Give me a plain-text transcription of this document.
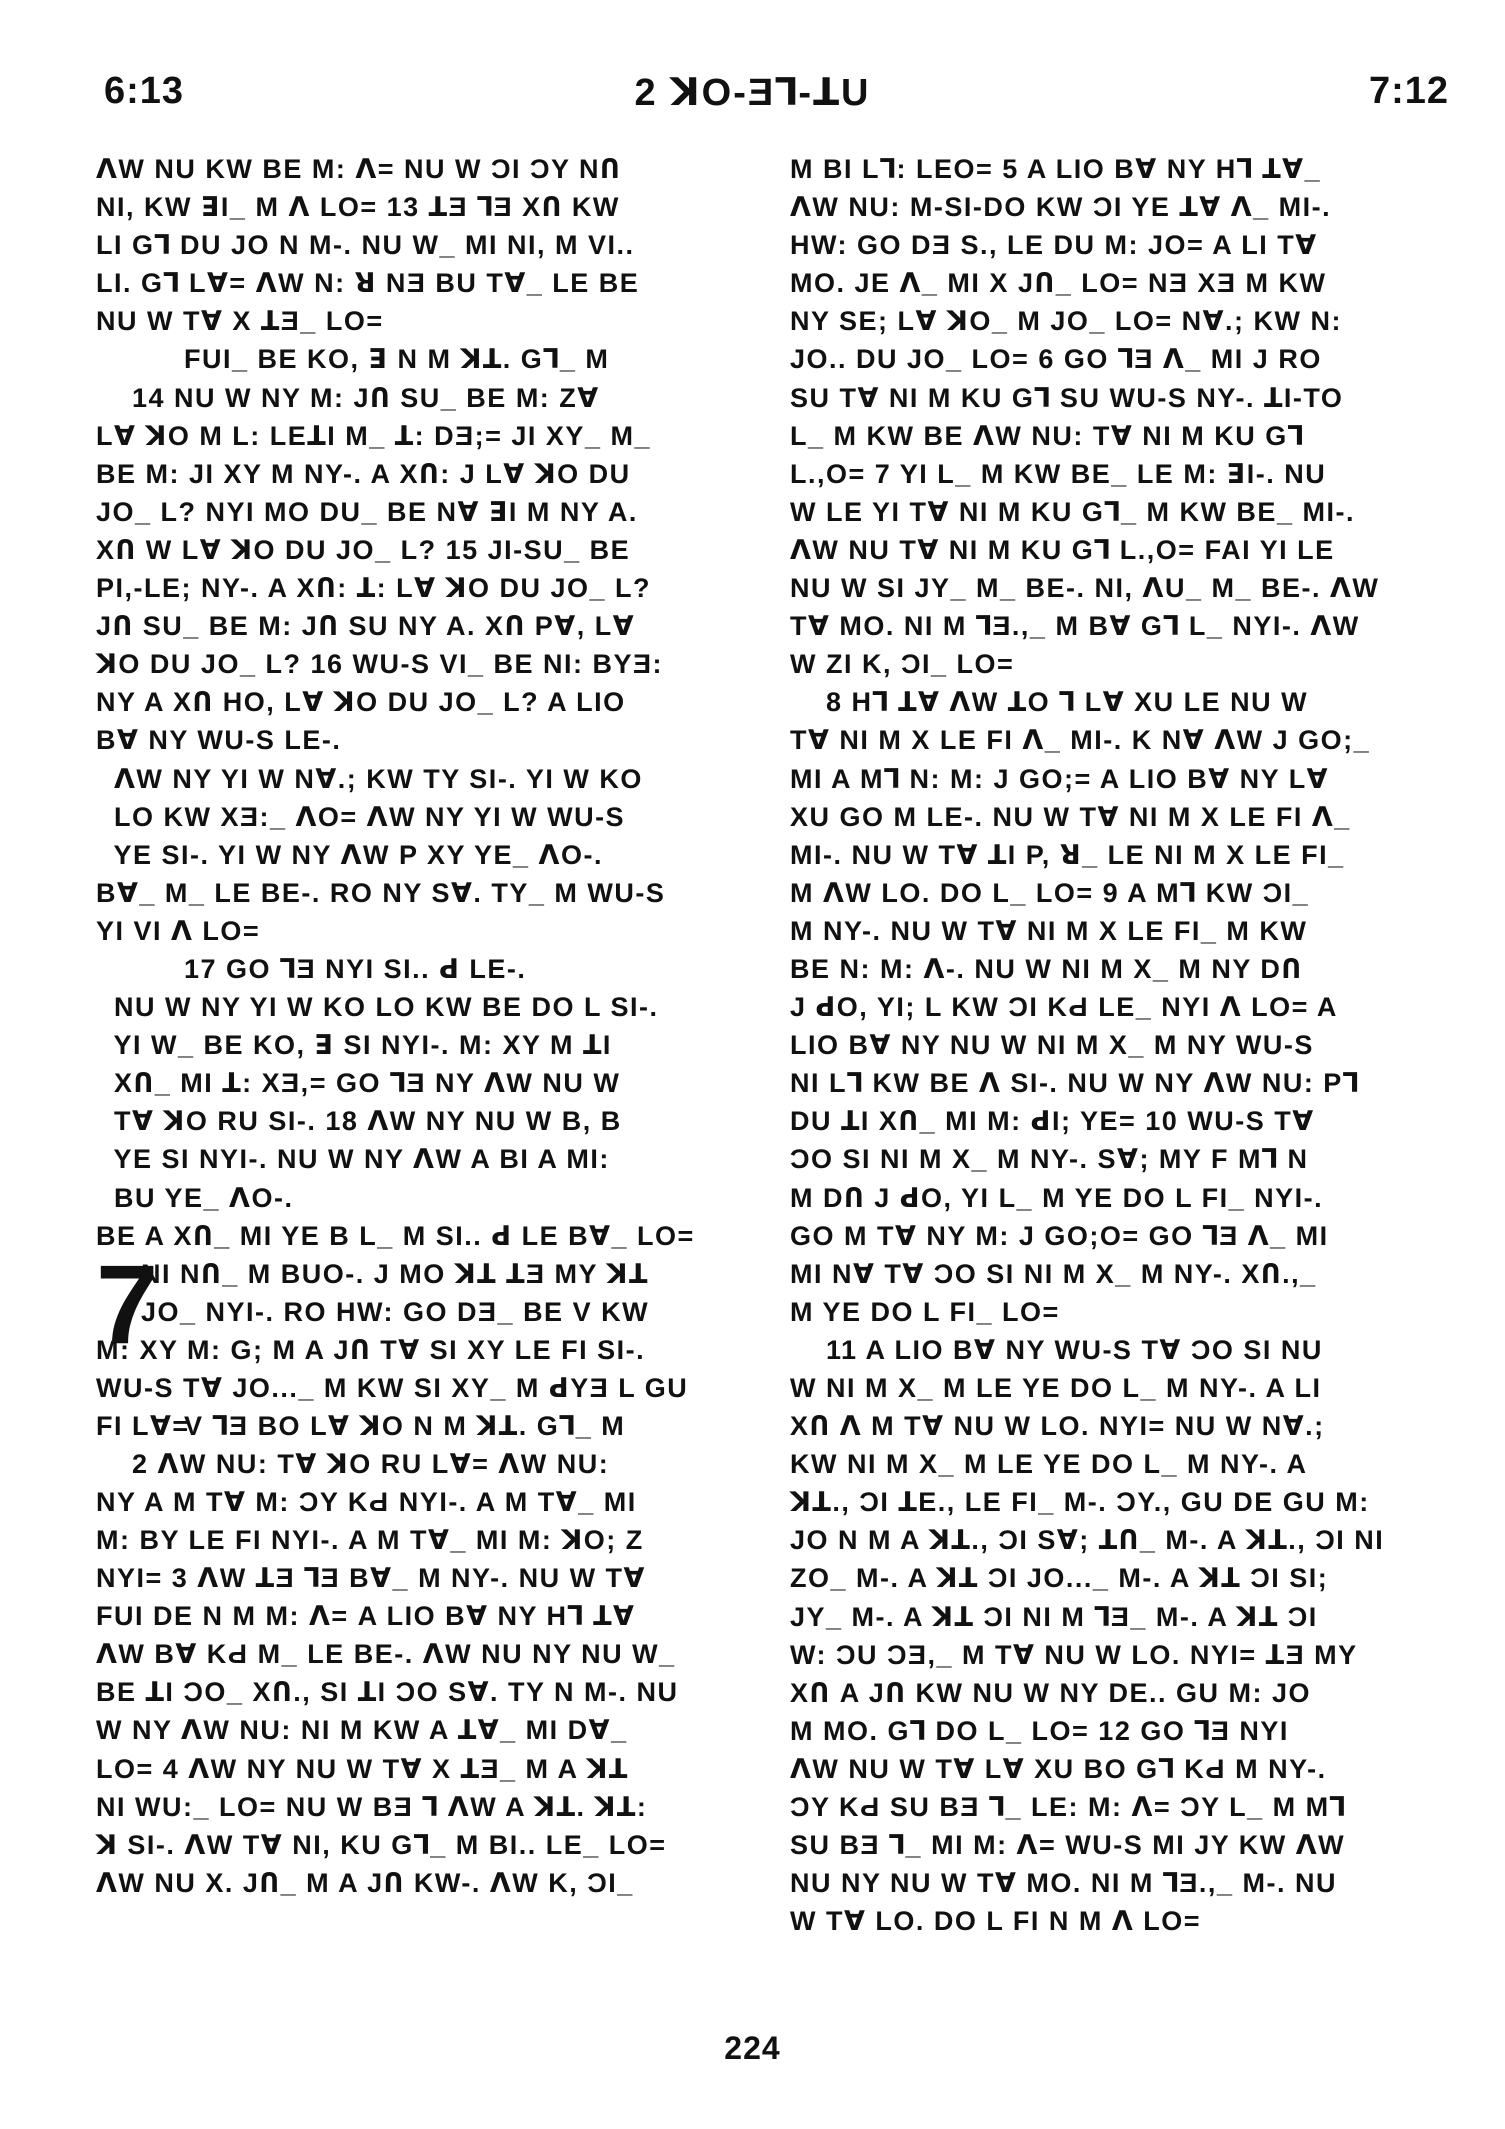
6:13	2 ꓘO-Ǝꓶ-ꓕU	7:12

ꓥW NU KW BE M: ꓥ= NU W ƆI ƆY NՈ

NI, KW ꓱI_ M ꓥ LO= 13 ꓕƎ ꓶƎ XՈ KW

LI Gꓶ DU JO N M-. NU W_ MI NI, M VI..

LI. Gꓶ Lꓯ= ꓥW N: ꓤ NƎ BU Tꓯ_ LE BE

NU W Tꓯ X ꓕƎ_ LO=

FUI_ BE KO, ꓱ N M ꓘꓕ. Gꓶ_ M

14 NU W NY M: JՈ SU_ BE M: Zꓯ

Lꓯ ꓘO M L: LEꓕI M_ ꓕ: DƎ;= JI XY_ M_

BE M: JI XY M NY-. A XՈ: J Lꓯ ꓘO DU

JO_ L? NYI MO DU_ BE Nꓯ ꓱI M NY A.

XՈ W Lꓯ ꓘO DU JO_ L? 15 JI-SU_ BE

PI,-LE; NY-. A XՈ: ꓕ: Lꓯ ꓘO DU JO_ L?

JՈ SU_ BE M: JՈ SU NY A. XՈ Pꓯ, Lꓯ

ꓘO DU JO_ L? 16 WU-S VI_ BE NI: BYƎ:

NY A XՈ HO, Lꓯ ꓘO DU JO_ L? A LIO

Bꓯ NY WU-S LE-.

ꓥW NY YI W Nꓯ.; KW TY SI-. YI W KO

LO KW XƎ:_ ꓥO= ꓥW NY YI W WU-S

YE SI-. YI W NY ꓥW P XY YE_ ꓥO-.

Bꓯ_ M_ LE BE-. RO NY Sꓯ. TY_ M WU-S

YI VI ꓥ LO=

17 GO ꓶƎ NYI SI.. ꓒ LE-.

NU W NY YI W KO LO KW BE DO L SI-.

YI W_ BE KO, ꓱ SI NYI-. M: XY M ꓕI

XՈ_ MI ꓕ: XƎ,= GO ꓶƎ NY ꓥW NU W

Tꓯ ꓘO RU SI-. 18 ꓥW NY NU W B, B

YE SI NYI-. NU W NY ꓥW A BI A MI:

BU YE_ ꓥO-.

BE A XՈ_ MI YE B L_ M SI.. ꓒ LE Bꓯ_ LO=

7

NI NՈ_ M BUO-. J MO ꓘꓕ ꓕƎ MY ꓘꓕ

JO_ NYI-. RO HW: GO DƎ_ BE V KW

M: XY M: G; M A JՈ Tꓯ SI XY LE FI SI-.

WU-S Tꓯ JO..._ M KW SI XY_ M ꓒYƎ L GU

FI Lꓯ=

V ꓶƎ BO Lꓯ ꓘO N M ꓘꓕ. Gꓶ_ M

2 ꓥW NU: Tꓯ ꓘO RU Lꓯ= ꓥW NU:

NY A M Tꓯ M: ƆY KԀ NYI-. A M Tꓯ_ MI

M: BY LE FI NYI-. A M Tꓯ_ MI M: ꓘO; Z

NYI= 3 ꓥW ꓕƎ ꓶƎ Bꓯ_ M NY-. NU W Tꓯ

FUI DE N M M: ꓥ= A LIO Bꓯ NY Hꓶ ꓕꓯ

ꓥW Bꓯ KԀ M_ LE BE-. ꓥW NU NY NU W_

BE ꓕI ƆO_ XՈ., SI ꓕI ƆO Sꓯ. TY N M-. NU

W NY ꓥW NU: NI M KW A ꓕꓯ_ MI Dꓯ_

LO= 4 ꓥW NY NU W Tꓯ X ꓕƎ_ M A ꓘꓕ

NI WU:_ LO= NU W BƎ ꓶ ꓥW A ꓘꓕ. ꓘꓕ:

ꓘ SI-. ꓥW Tꓯ NI, KU Gꓶ_ M BI.. LE_ LO=

ꓥW NU X. JՈ_ M A JՈ KW-. ꓥW K, ƆI_

M BI Lꓶ: LEO= 5 A LIO Bꓯ NY Hꓶ ꓕꓯ_

ꓥW NU: M-SI-DO KW ƆI YE ꓕꓯ ꓥ_ MI-.

HW: GO DƎ S., LE DU M: JO= A LI Tꓯ

MO. JE ꓥ_ MI X JՈ_ LO= NƎ XƎ M KW

NY SE; Lꓯ ꓘO_ M JO_ LO= Nꓯ.; KW N:

JO.. DU JO_ LO= 6 GO ꓶƎ ꓥ_ MI J RO

SU Tꓯ NI M KU Gꓶ SU WU-S NY-. ꓕI-TO

L_ M KW BE ꓥW NU: Tꓯ NI M KU Gꓶ

L.,O= 7 YI L_ M KW BE_ LE M: ꓱI-. NU

W LE YI Tꓯ NI M KU Gꓶ_ M KW BE_ MI-.

ꓥW NU Tꓯ NI M KU Gꓶ L.,O= FAI YI LE

NU W SI JY_ M_ BE-. NI, ꓥU_ M_ BE-. ꓥW

Tꓯ MO. NI M ꓶƎ.,_ M Bꓯ Gꓶ L_ NYI-. ꓥW

W ZI K, ƆI_ LO=

8 Hꓶ ꓕꓯ ꓥW ꓕO ꓶ Lꓯ XU LE NU W

Tꓯ NI M X LE FI ꓥ_ MI-. K Nꓯ ꓥW J GO;_

MI A Mꓶ N: M: J GO;= A LIO Bꓯ NY Lꓯ

XU GO M LE-. NU W Tꓯ NI M X LE FI ꓥ_

MI-. NU W Tꓯ ꓕI P, ꓤ_ LE NI M X LE FI_

M ꓥW LO. DO L_ LO= 9 A Mꓶ KW ƆI_

M NY-. NU W Tꓯ NI M X LE FI_ M KW

BE N: M: ꓥ-. NU W NI M X_ M NY DՈ

J ꓒO, YI; L KW ƆI KԀ LE_ NYI ꓥ LO= A

LIO Bꓯ NY NU W NI M X_ M NY WU-S

NI Lꓶ KW BE ꓥ SI-. NU W NY ꓥW NU: Pꓶ

DU ꓕI XՈ_ MI M: ꓒI; YE= 10 WU-S Tꓯ

ƆO SI NI M X_ M NY-. Sꓯ; MY F Mꓶ N

M DՈ J ꓒO, YI L_ M YE DO L FI_ NYI-.

GO M Tꓯ NY M: J GO;O= GO ꓶƎ ꓥ_ MI

MI Nꓯ Tꓯ ƆO SI NI M X_ M NY-. XՈ.,_

M YE DO L FI_ LO=

11 A LIO Bꓯ NY WU-S Tꓯ ƆO SI NU

W NI M X_ M LE YE DO L_ M NY-. A LI

XՈ ꓥ M Tꓯ NU W LO. NYI= NU W Nꓯ.;

KW NI M X_ M LE YE DO L_ M NY-. A

ꓘꓕ., ƆI ꓕE., LE FI_ M-. ƆY., GU DE GU M:

JO N M A ꓘꓕ., ƆI Sꓯ; ꓕՈ_ M-. A ꓘꓕ., ƆI NI

ZO_ M-. A ꓘꓕ ƆI JO..._ M-. A ꓘꓕ ƆI SI;

JY_ M-. A ꓘꓕ ƆI NI M ꓶƎ_ M-. A ꓘꓕ ƆI

W: ƆU ƆƎ,_ M Tꓯ NU W LO. NYI= ꓕƎ MY

XՈ A JՈ KW NU W NY DE.. GU M: JO

M MO. Gꓶ DO L_ LO= 12 GO ꓶƎ NYI

ꓥW NU W Tꓯ Lꓯ XU BO Gꓶ KԀ M NY-.

ƆY KԀ SU BƎ ꓶ_ LE: M: ꓥ= ƆY L_ M Mꓶ

SU BƎ ꓶ_ MI M: ꓥ= WU-S MI JY KW ꓥW

NU NY NU W Tꓯ MO. NI M ꓶƎ.,_ M-. NU

W Tꓯ LO. DO L FI N M ꓥ LO=

224
